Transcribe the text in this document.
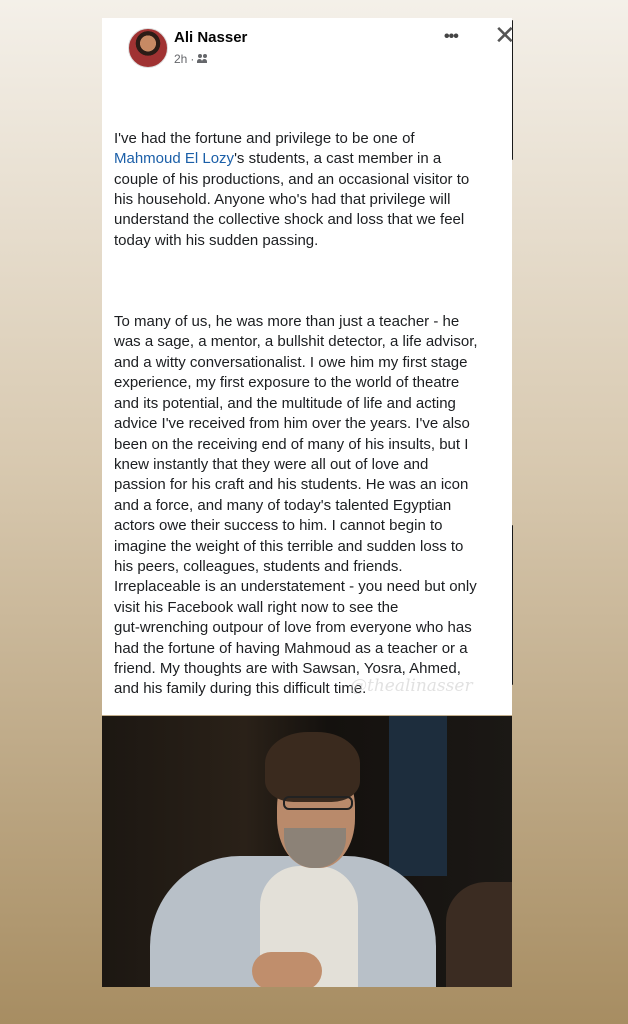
Ali Nasser
2h ·
••• ✕

I've had the fortune and privilege to be one of
Mahmoud El Lozy's students, a cast member in a
couple of his productions, and an occasional visitor to
his household. Anyone who's had that privilege will
understand the collective shock and loss that we feel
today with his sudden passing.

To many of us, he was more than just a teacher - he
was a sage, a mentor, a bullshit detector, a life advisor,
and a witty conversationalist. I owe him my first stage
experience, my first exposure to the world of theatre
and its potential, and the multitude of life and acting
advice I've received from him over the years. I've also
been on the receiving end of many of his insults, but I
knew instantly that they were all out of love and
passion for his craft and his students. He was an icon
and a force, and many of today's talented Egyptian
actors owe their success to him. I cannot begin to
imagine the weight of this terrible and sudden loss to
his peers, colleagues, students and friends.
Irreplaceable is an understatement - you need but only
visit his Facebook wall right now to see the
gut-wrenching outpour of love from everyone who has
had the fortune of having Mahmoud as a teacher or a
friend. My thoughts are with Sawsan, Yosra, Ahmed,
and his family during this difficult time.

@thealinasser
